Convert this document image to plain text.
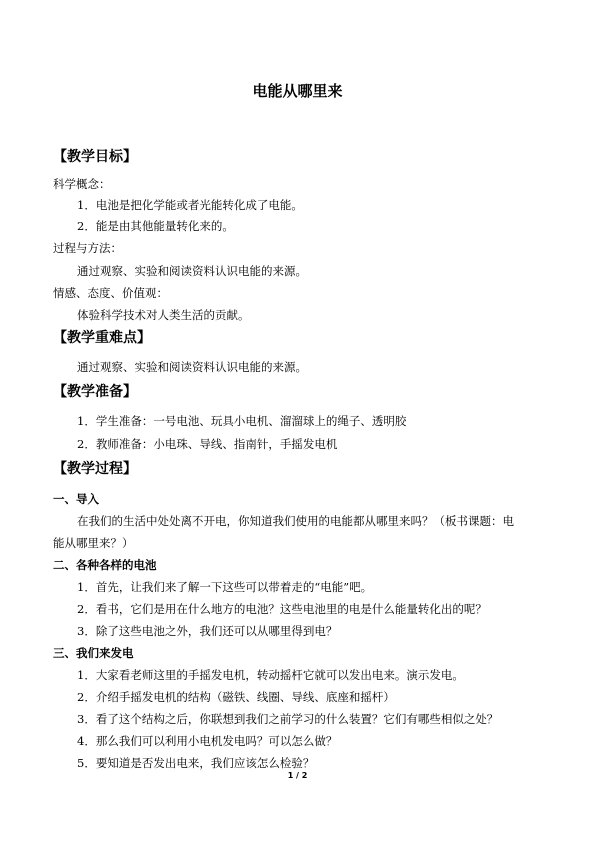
电能从哪里来
【教学目标】
科学概念：
1．电池是把化学能或者光能转化成了电能。
2．能是由其他能量转化来的。
过程与方法：
通过观察、实验和阅读资料认识电能的来源。
情感、态度、价值观：
体验科学技术对人类生活的贡献。
【教学重难点】
通过观察、实验和阅读资料认识电能的来源。
【教学准备】
1．学生准备：一号电池、玩具小电机、溜溜球上的绳子、透明胶
2．教师准备：小电珠、导线、指南针，手摇发电机
【教学过程】
一、导入
在我们的生活中处处离不开电，你知道我们使用的电能都从哪里来吗？（板书课题：电
能从哪里来？）
二、各种各样的电池
1．首先，让我们来了解一下这些可以带着走的“电能”吧。
2．看书，它们是用在什么地方的电池？这些电池里的电是什么能量转化出的呢？
3．除了这些电池之外，我们还可以从哪里得到电？
三、我们来发电
1．大家看老师这里的手摇发电机，转动摇杆它就可以发出电来。演示发电。
2．介绍手摇发电机的结构（磁铁、线圈、导线、底座和摇杆）
3．看了这个结构之后，你联想到我们之前学习的什么装置？它们有哪些相似之处？
4．那么我们可以利用小电机发电吗？可以怎么做？
5．要知道是否发出电来，我们应该怎么检验？
1 / 2
